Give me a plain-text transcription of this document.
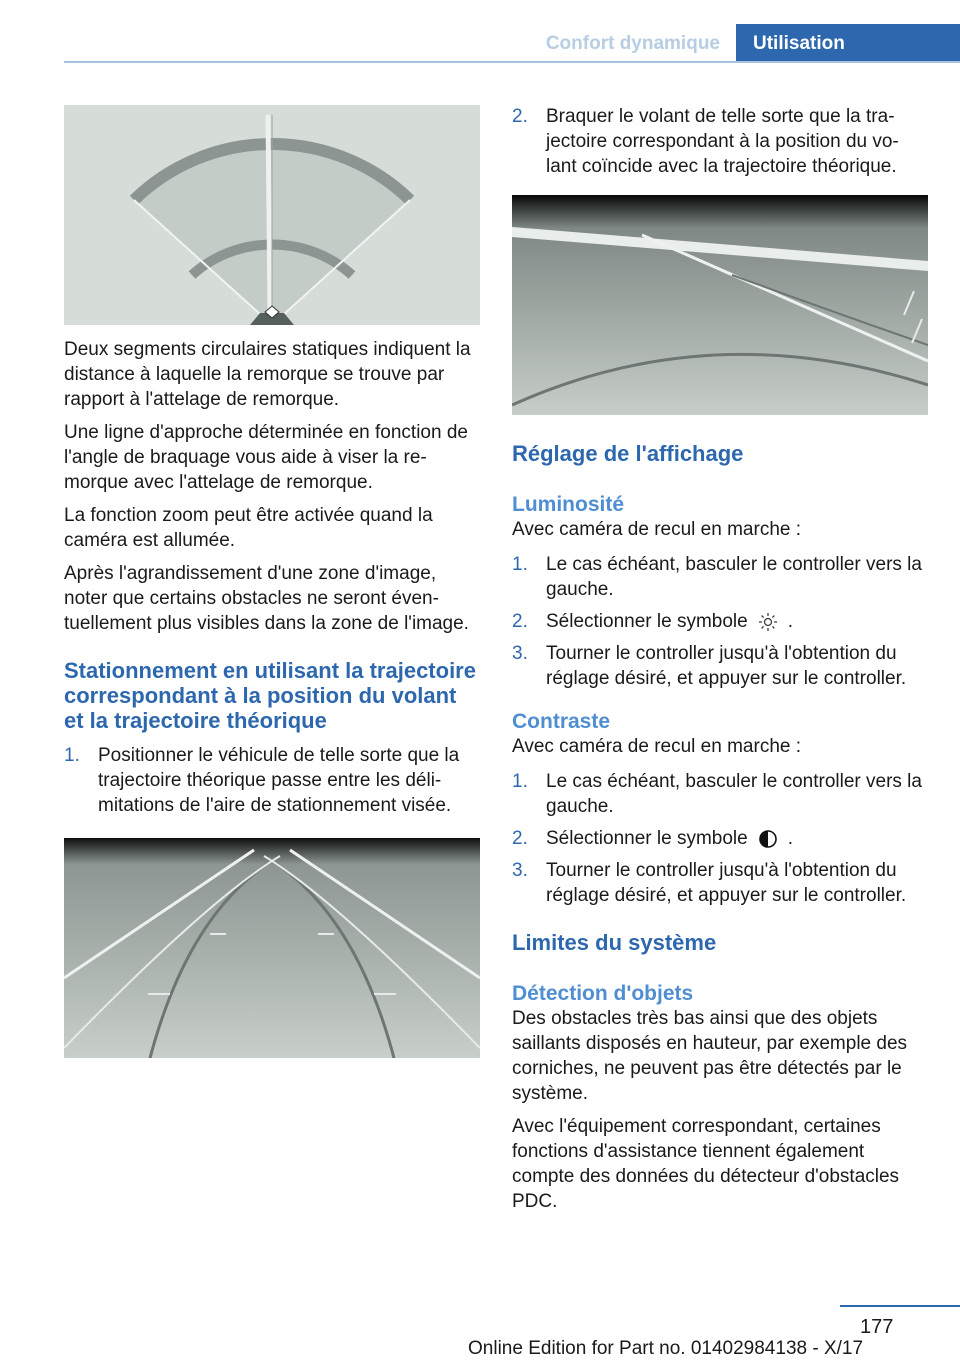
Confort dynamique	Utilisation

Deux segments circulaires statiques indiquent la distance à laquelle la remorque se trouve par rapport à l'attelage de remorque.

Une ligne d'approche déterminée en fonction de l'angle de braquage vous aide à viser la re‐morque avec l'attelage de remorque.

La fonction zoom peut être activée quand la caméra est allumée.

Après l'agrandissement d'une zone d'image, noter que certains obstacles ne seront éven‐tuellement plus visibles dans la zone de l'image.

Stationnement en utilisant la trajectoire correspondant à la position du volant et la trajectoire théorique
1. Positionner le véhicule de telle sorte que la trajectoire théorique passe entre les déli‐mitations de l'aire de stationnement visée.
2. Braquer le volant de telle sorte que la tra‐jectoire correspondant à la position du vo‐lant coïncide avec la trajectoire théorique.
Réglage de l'affichage
Luminosité

Avec caméra de recul en marche :

1. Le cas échéant, basculer le controller vers la gauche.
2. Sélectionner le symbole .
3. Tourner le controller jusqu'à l'obtention du réglage désiré, et appuyer sur le controller.
Contraste

Avec caméra de recul en marche :

1. Le cas échéant, basculer le controller vers la gauche.
2. Sélectionner le symbole .
3. Tourner le controller jusqu'à l'obtention du réglage désiré, et appuyer sur le controller.
Limites du système
Détection d'objets

Des obstacles très bas ainsi que des objets saillants disposés en hauteur, par exemple des corniches, ne peuvent pas être détectés par le système.

Avec l'équipement correspondant, certaines fonctions d'assistance tiennent également compte des données du détecteur d'obstacles PDC.

177
Online Edition for Part no. 01402984138 - X/17
